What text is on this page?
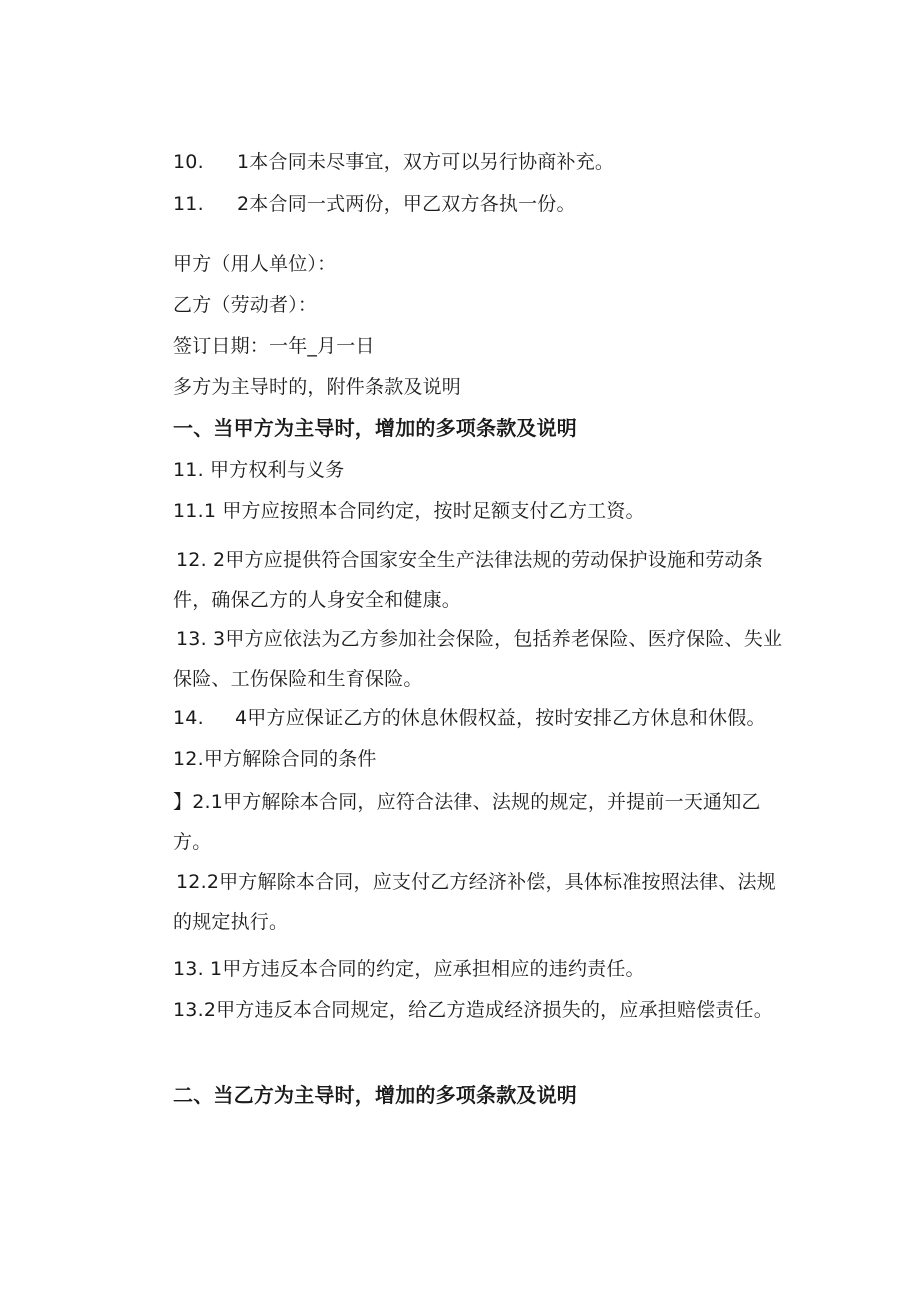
10. 1本合同未尽事宜，双方可以另行协商补充。
11. 2本合同一式两份，甲乙双方各执一份。
甲方（用人单位）：
乙方（劳动者）：
签订日期：一年_月一日
多方为主导时的，附件条款及说明
一、当甲方为主导时，增加的多项条款及说明
11. 甲方权利与义务
11.1 甲方应按照本合同约定，按时足额支付乙方工资。
12. 2甲方应提供符合国家安全生产法律法规的劳动保护设施和劳动条件，确保乙方的人身安全和健康。
13. 3甲方应依法为乙方参加社会保险，包括养老保险、医疗保险、失业保险、工伤保险和生育保险。
14. 4甲方应保证乙方的休息休假权益，按时安排乙方休息和休假。
12.甲方解除合同的条件
】2.1甲方解除本合同，应符合法律、法规的规定，并提前一天通知乙方。
12.2甲方解除本合同，应支付乙方经济补偿，具体标准按照法律、法规的规定执行。
13. 1甲方违反本合同的约定，应承担相应的违约责任。
13.2甲方违反本合同规定，给乙方造成经济损失的，应承担赔偿责任。
二、当乙方为主导时，增加的多项条款及说明
